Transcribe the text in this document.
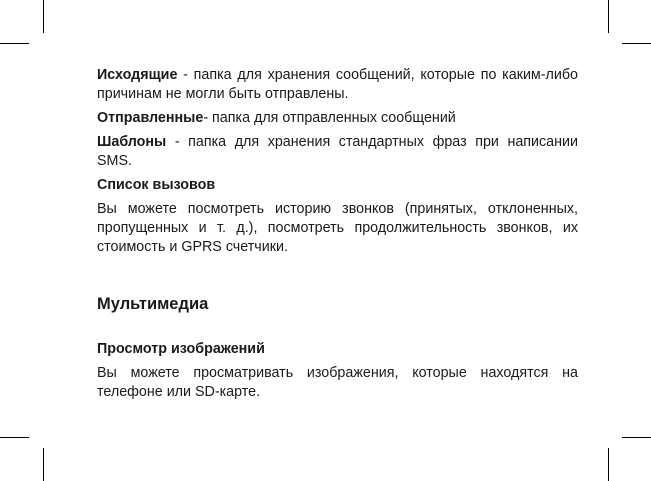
Исходящие - папка для хранения сообщений, которые по каким-либо причинам не могли быть отправлены.

Отправленные- папка для отправленных сообщений

Шаблоны - папка для хранения стандартных фраз при написании SMS.

Список вызовов

Вы можете посмотреть историю звонков (принятых, отклоненных, пропущенных и т. д.), посмотреть продолжительность звонков, их стоимость и GPRS счетчики.

Мультимедиа

Просмотр изображений

Вы можете просматривать изображения, которые находятся на телефоне или SD-карте.
